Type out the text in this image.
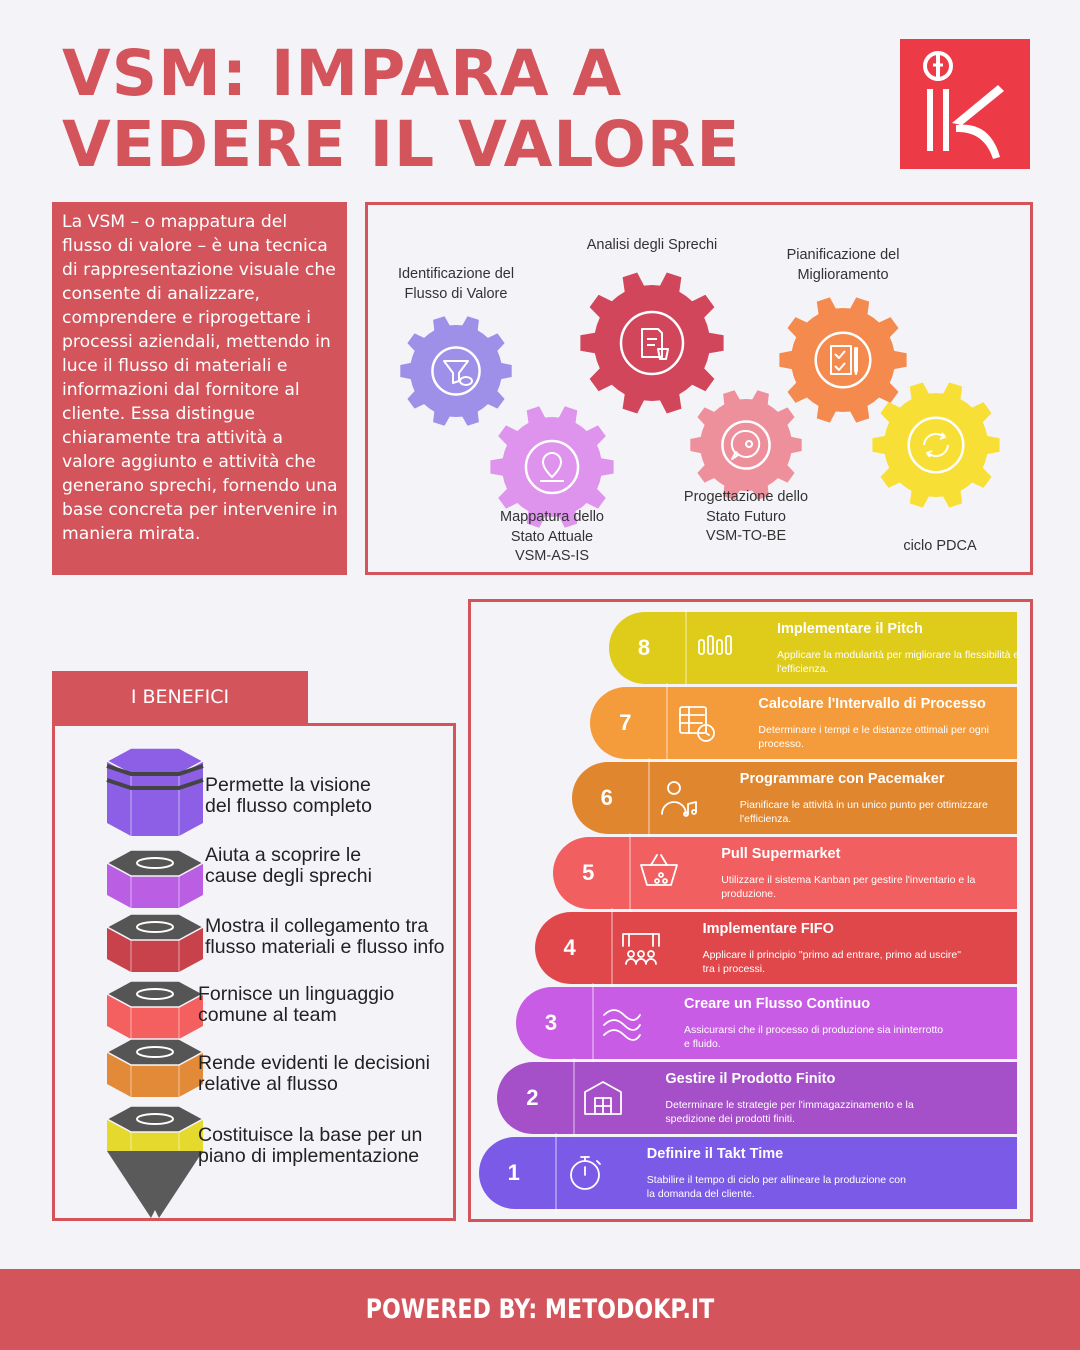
VSM: IMPARA A VEDERE IL VALORE
La VSM – o mappatura del flusso di valore – è una tecnica di rappresentazione visuale che consente di analizzare, comprendere e riprogettare i processi aziendali, mettendo in luce il flusso di materiali e informazioni dal fornitore al cliente. Essa distingue chiaramente tra attività a valore aggiunto e attività che generano sprechi, fornendo una base concreta per intervenire in maniera mirata.
Identificazione del
Flusso di Valore
Mappatura dello
Stato Attuale
VSM-AS-IS
Analisi degli Sprechi
Progettazione dello
Stato Futuro
VSM-TO-BE
Pianificazione del
Miglioramento
ciclo PDCA
I BENEFICI
Permette la visione
del flusso completo
Aiuta a scoprire le
cause degli sprechi
Mostra il collegamento tra
flusso materiali e flusso info
Fornisce un linguaggio
comune al team
Rende evidenti le decisioni
relative al flusso
Costituisce la base per un
piano di implementazione
8
Implementare il Pitch
Applicare la modularità per migliorare la flessibilità e l'efficienza.
7
Calcolare l'Intervallo di Processo
Determinare i tempi e le distanze ottimali per ogni processo.
6
Programmare con Pacemaker
Pianificare le attività in un unico punto per ottimizzare l'efficienza.
5
Pull Supermarket
Utilizzare il sistema Kanban per gestire l'inventario e la produzione.
4
Implementare FIFO
Applicare il principio "primo ad entrare, primo ad uscire" tra i processi.
3
Creare un Flusso Continuo
Assicurarsi che il processo di produzione sia ininterrotto e fluido.
2
Gestire il Prodotto Finito
Determinare le strategie per l'immagazzinamento e la spedizione dei prodotti finiti.
1
Definire il Takt Time
Stabilire il tempo di ciclo per allineare la produzione con la domanda del cliente.
POWERED BY: METODOKP.IT
